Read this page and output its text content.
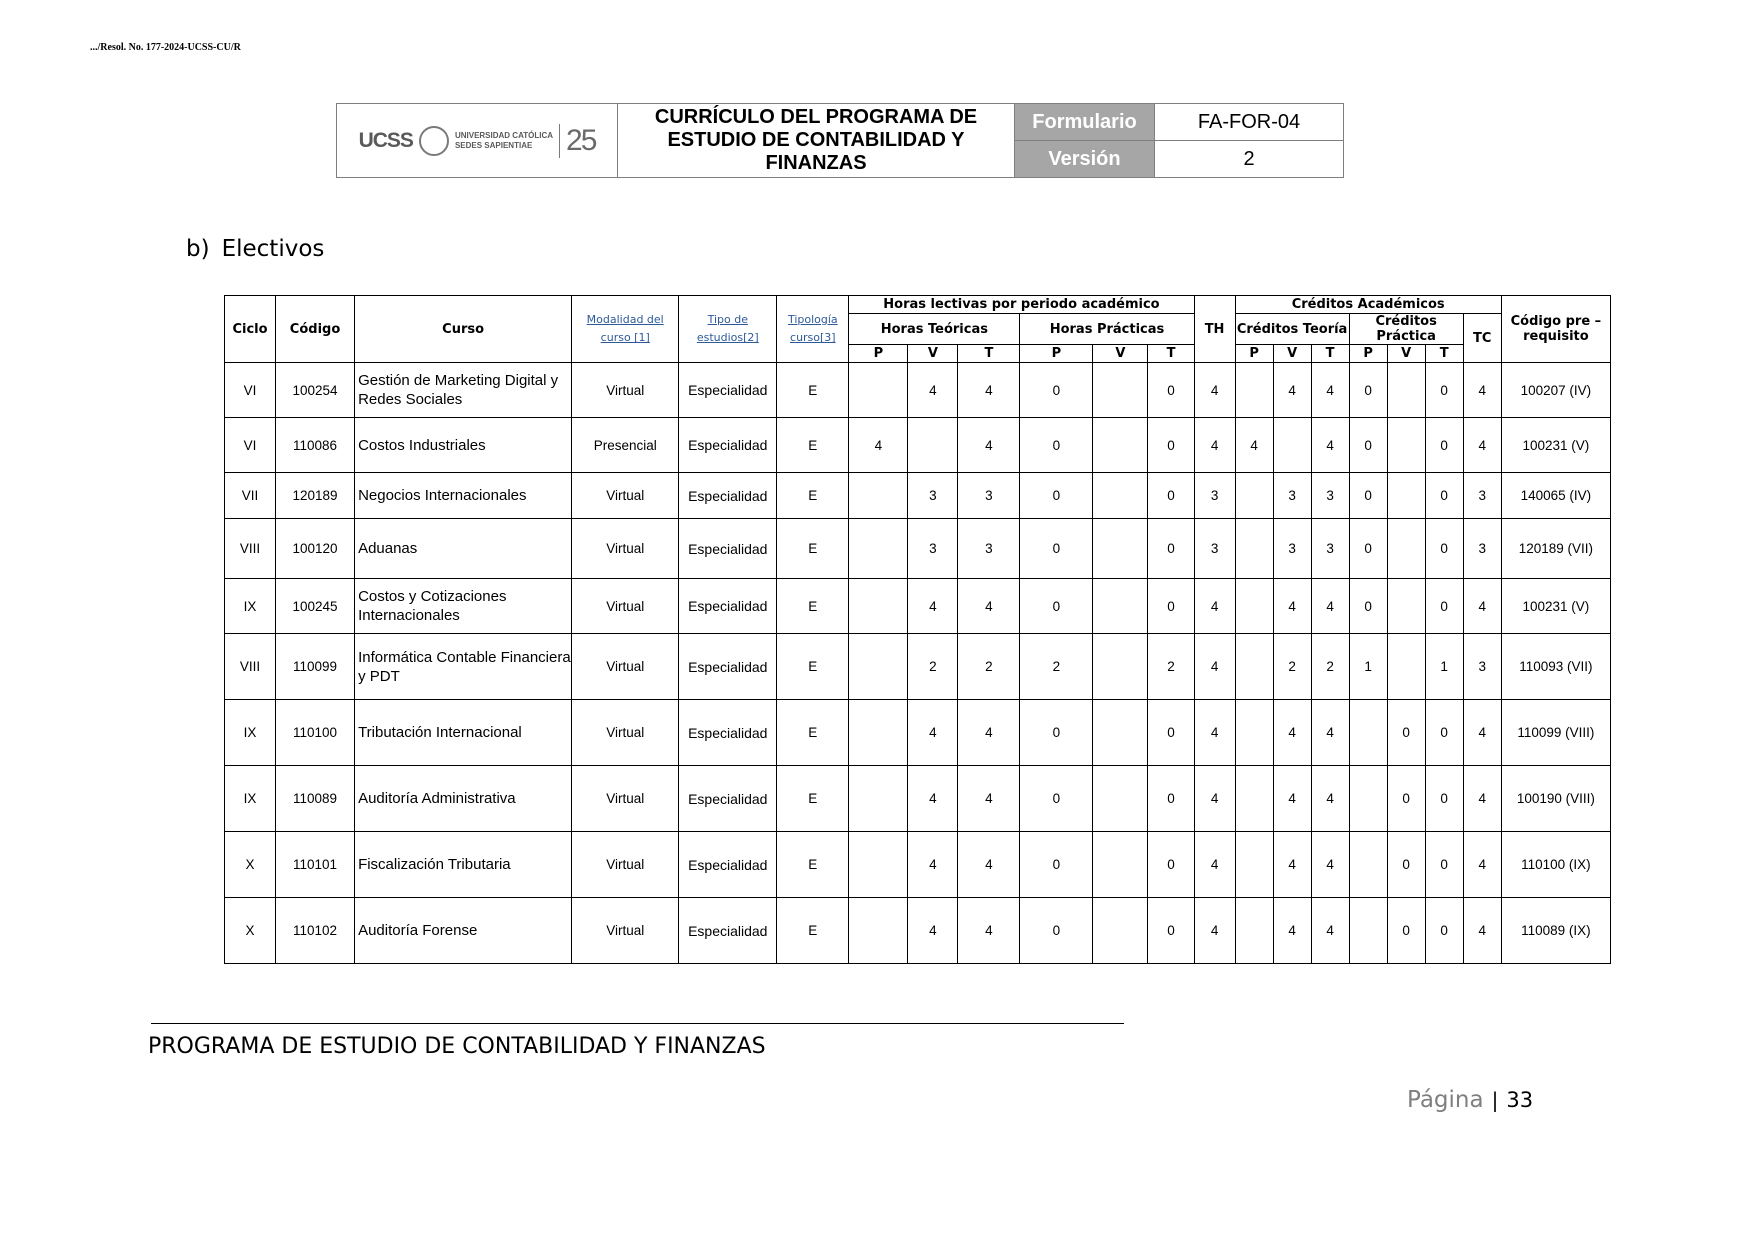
.../Resol. No. 177-2024-UCSS-CU/R
UCSS UNIVERSIDAD CATÓLICA
SEDES SAPIENTIAE 25	CURRÍCULO DEL PROGRAMA DE ESTUDIO DE CONTABILIDAD Y FINANZAS	Formulario	FA-FOR-04
		Versión	2
b) Electivos
Ciclo	Código	Curso	Modalidad del curso [1]	Tipo de estudios[2]	Tipología curso[3]	Horas lectivas por periodo académico						TH	Créditos Académicos							Código pre – requisito
						Horas Teóricas			Horas Prácticas				Créditos Teoría			Créditos Práctica			TC	
						P	V	T	P	V	T		P	V	T	P	V	T		
VI	100254	Gestión de Marketing Digital y Redes Sociales	Virtual	Especialidad	E		4	4	0		0	4		4	4	0		0	4	100207 (IV)
VI	110086	Costos Industriales	Presencial	Especialidad	E	4		4	0		0	4	4		4	0		0	4	100231 (V)
VII	120189	Negocios Internacionales	Virtual	Especialidad	E		3	3	0		0	3		3	3	0		0	3	140065 (IV)
VIII	100120	Aduanas	Virtual	Especialidad	E		3	3	0		0	3		3	3	0		0	3	120189 (VII)
IX	100245	Costos y Cotizaciones Internacionales	Virtual	Especialidad	E		4	4	0		0	4		4	4	0		0	4	100231 (V)
VIII	110099	Informática Contable Financiera y PDT	Virtual	Especialidad	E		2	2	2		2	4		2	2	1		1	3	110093 (VII)
IX	110100	Tributación Internacional	Virtual	Especialidad	E		4	4	0		0	4		4	4		0	0	4	110099 (VIII)
IX	110089	Auditoría Administrativa	Virtual	Especialidad	E		4	4	0		0	4		4	4		0	0	4	100190 (VIII)
X	110101	Fiscalización Tributaria	Virtual	Especialidad	E		4	4	0		0	4		4	4		0	0	4	110100 (IX)
X	110102	Auditoría Forense	Virtual	Especialidad	E		4	4	0		0	4		4	4		0	0	4	110089 (IX)
PROGRAMA DE ESTUDIO DE CONTABILIDAD Y FINANZAS
Página | 33
